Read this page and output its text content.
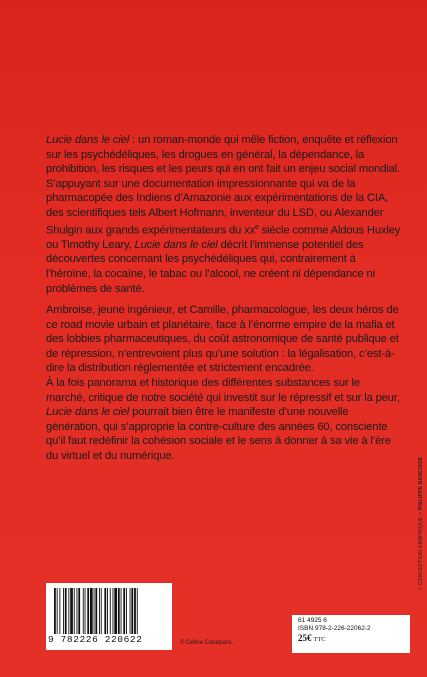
Lucie dans le ciel : un roman-monde qui mêle fiction, enquête et réflexion sur les psychédéliques, les drogues en général, la dépendance, la prohibition, les risques et les peurs qui en ont fait un enjeu social mondial.

S’appuyant sur une documentation impressionnante qui va de la pharmacopée des Indiens d’Amazonie aux expérimentations de la CIA, des scientifiques tels Albert Hofmann, inventeur du LSD, ou Alexander Shulgin aux grands expérimentateurs du $xx^e$ siècle comme Aldous Huxley ou Timothy Leary, Lucie dans le ciel décrit l’immense potentiel des découvertes concernant les psychédéliques qui, contrairement à l’héroïne, la cocaïne, le tabac ou l’alcool, ne créent ni dépendance ni problèmes de santé.

Ambroise, jeune ingénieur, et Camille, pharmacologue, les deux héros de ce road movie urbain et planétaire, face à l’énorme empire de la mafia et des lobbies pharmaceutiques, du coût astronomique de santé publique et de répression, n’entrevoient plus qu’une solution : la légalisation, c’est-à-dire la distribution réglementée et strictement encadrée.

À la fois panorama et historique des différentes substances sur le marché, critique de notre société qui investit sur le répressif et sur la peur, Lucie dans le ciel pourrait bien être le manifeste d’une nouvelle génération, qui s’approprie la contre-culture des années 60, consciente qu’il faut redéfinir la cohésion sociale et le sens à donner à sa vie à l’ère du virtuel et du numérique.

9 782226 220622	© Céline Caneparo.
61 4925 6
ISBN 978-2-226-22062-2
25€ TTC
> CONCEPTION GRAPHIQUE > PHILIPPE NARCISSE
